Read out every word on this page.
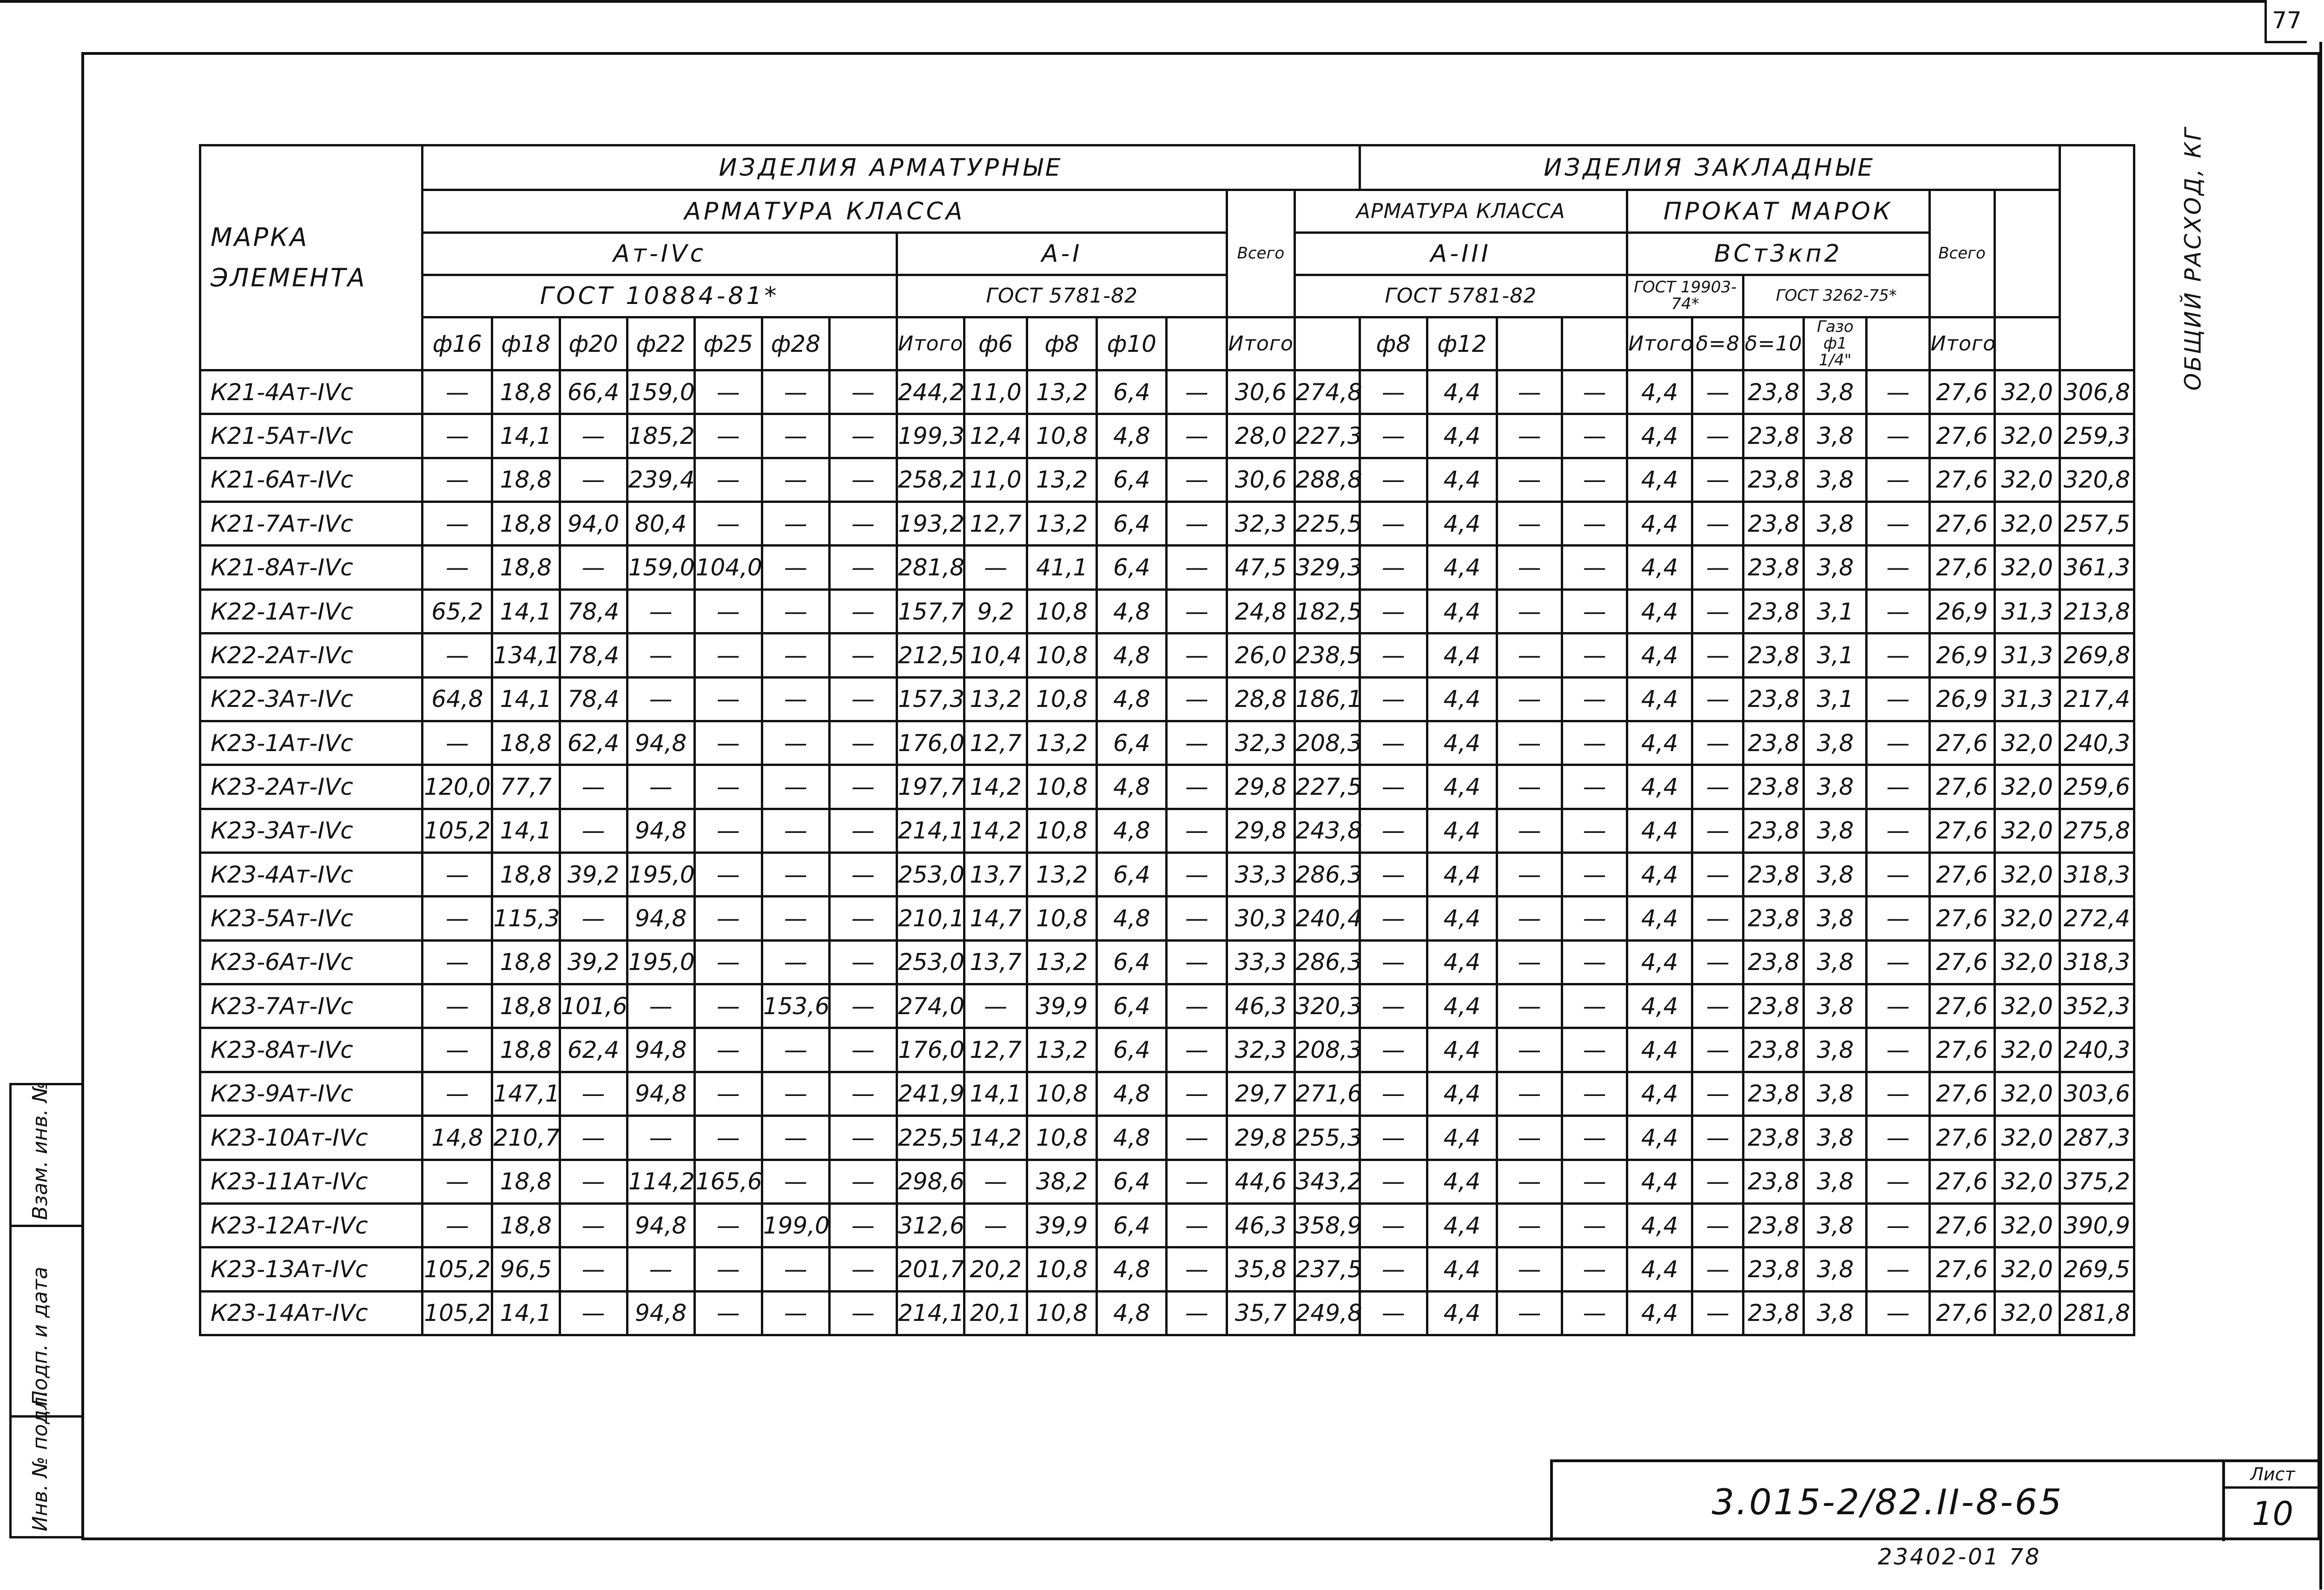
77
Взам. инв. №
Подп. и дата
Инв. № подл.
МАРКА ЭЛЕМЕНТА	ИЗДЕЛИЯ АРМАТУРНЫЕ														ИЗДЕЛИЯ ЗАКЛАДНЫЕ											ОБЩИЙ РАСХОД, КГ
	АРМАТУРА КЛАССА												Всего	АРМАТУРА КЛАССА					ПРОКАТ МАРОК					Всего		
	Ат-IVc							А-I						А-III					ВСт3кп2							
	ГОСТ 10884-81*							ГОСТ 5781-82						ГОСТ 5781-82					ГОСТ 19903-74*		ГОСТ 3262-75*					
	ф16	ф18	ф20	ф22	ф25	ф28		Итого	ф6	ф8	ф10		Итого		ф8	ф12			Итого	δ=8	δ=10	Газо ф1 1/4"		Итого		
К21-4Ат-IVc	—	18,8	66,4	159,0	—	—	—	244,2	11,0	13,2	6,4	—	30,6	274,8	—	4,4	—	—	4,4	—	23,8	3,8	—	27,6	32,0	306,8
К21-5Ат-IVc	—	14,1	—	185,2	—	—	—	199,3	12,4	10,8	4,8	—	28,0	227,3	—	4,4	—	—	4,4	—	23,8	3,8	—	27,6	32,0	259,3
К21-6Ат-IVc	—	18,8	—	239,4	—	—	—	258,2	11,0	13,2	6,4	—	30,6	288,8	—	4,4	—	—	4,4	—	23,8	3,8	—	27,6	32,0	320,8
К21-7Ат-IVc	—	18,8	94,0	80,4	—	—	—	193,2	12,7	13,2	6,4	—	32,3	225,5	—	4,4	—	—	4,4	—	23,8	3,8	—	27,6	32,0	257,5
К21-8Ат-IVc	—	18,8	—	159,0	104,0	—	—	281,8	—	41,1	6,4	—	47,5	329,3	—	4,4	—	—	4,4	—	23,8	3,8	—	27,6	32,0	361,3
К22-1Ат-IVc	65,2	14,1	78,4	—	—	—	—	157,7	9,2	10,8	4,8	—	24,8	182,5	—	4,4	—	—	4,4	—	23,8	3,1	—	26,9	31,3	213,8
К22-2Ат-IVc	—	134,1	78,4	—	—	—	—	212,5	10,4	10,8	4,8	—	26,0	238,5	—	4,4	—	—	4,4	—	23,8	3,1	—	26,9	31,3	269,8
К22-3Ат-IVc	64,8	14,1	78,4	—	—	—	—	157,3	13,2	10,8	4,8	—	28,8	186,1	—	4,4	—	—	4,4	—	23,8	3,1	—	26,9	31,3	217,4
К23-1Ат-IVc	—	18,8	62,4	94,8	—	—	—	176,0	12,7	13,2	6,4	—	32,3	208,3	—	4,4	—	—	4,4	—	23,8	3,8	—	27,6	32,0	240,3
К23-2Ат-IVc	120,0	77,7	—	—	—	—	—	197,7	14,2	10,8	4,8	—	29,8	227,5	—	4,4	—	—	4,4	—	23,8	3,8	—	27,6	32,0	259,6
К23-3Ат-IVc	105,2	14,1	—	94,8	—	—	—	214,1	14,2	10,8	4,8	—	29,8	243,8	—	4,4	—	—	4,4	—	23,8	3,8	—	27,6	32,0	275,8
К23-4Ат-IVc	—	18,8	39,2	195,0	—	—	—	253,0	13,7	13,2	6,4	—	33,3	286,3	—	4,4	—	—	4,4	—	23,8	3,8	—	27,6	32,0	318,3
К23-5Ат-IVc	—	115,3	—	94,8	—	—	—	210,1	14,7	10,8	4,8	—	30,3	240,4	—	4,4	—	—	4,4	—	23,8	3,8	—	27,6	32,0	272,4
К23-6Ат-IVc	—	18,8	39,2	195,0	—	—	—	253,0	13,7	13,2	6,4	—	33,3	286,3	—	4,4	—	—	4,4	—	23,8	3,8	—	27,6	32,0	318,3
К23-7Ат-IVc	—	18,8	101,6	—	—	153,6	—	274,0	—	39,9	6,4	—	46,3	320,3	—	4,4	—	—	4,4	—	23,8	3,8	—	27,6	32,0	352,3
К23-8Ат-IVc	—	18,8	62,4	94,8	—	—	—	176,0	12,7	13,2	6,4	—	32,3	208,3	—	4,4	—	—	4,4	—	23,8	3,8	—	27,6	32,0	240,3
К23-9Ат-IVc	—	147,1	—	94,8	—	—	—	241,9	14,1	10,8	4,8	—	29,7	271,6	—	4,4	—	—	4,4	—	23,8	3,8	—	27,6	32,0	303,6
К23-10Ат-IVc	14,8	210,7	—	—	—	—	—	225,5	14,2	10,8	4,8	—	29,8	255,3	—	4,4	—	—	4,4	—	23,8	3,8	—	27,6	32,0	287,3
К23-11Ат-IVc	—	18,8	—	114,2	165,6	—	—	298,6	—	38,2	6,4	—	44,6	343,2	—	4,4	—	—	4,4	—	23,8	3,8	—	27,6	32,0	375,2
К23-12Ат-IVc	—	18,8	—	94,8	—	199,0	—	312,6	—	39,9	6,4	—	46,3	358,9	—	4,4	—	—	4,4	—	23,8	3,8	—	27,6	32,0	390,9
К23-13Ат-IVc	105,2	96,5	—	—	—	—	—	201,7	20,2	10,8	4,8	—	35,8	237,5	—	4,4	—	—	4,4	—	23,8	3,8	—	27,6	32,0	269,5
К23-14Ат-IVc	105,2	14,1	—	94,8	—	—	—	214,1	20,1	10,8	4,8	—	35,7	249,8	—	4,4	—	—	4,4	—	23,8	3,8	—	27,6	32,0	281,8
3.015-2/82.II-8-65
Лист
10
23402-01 78
